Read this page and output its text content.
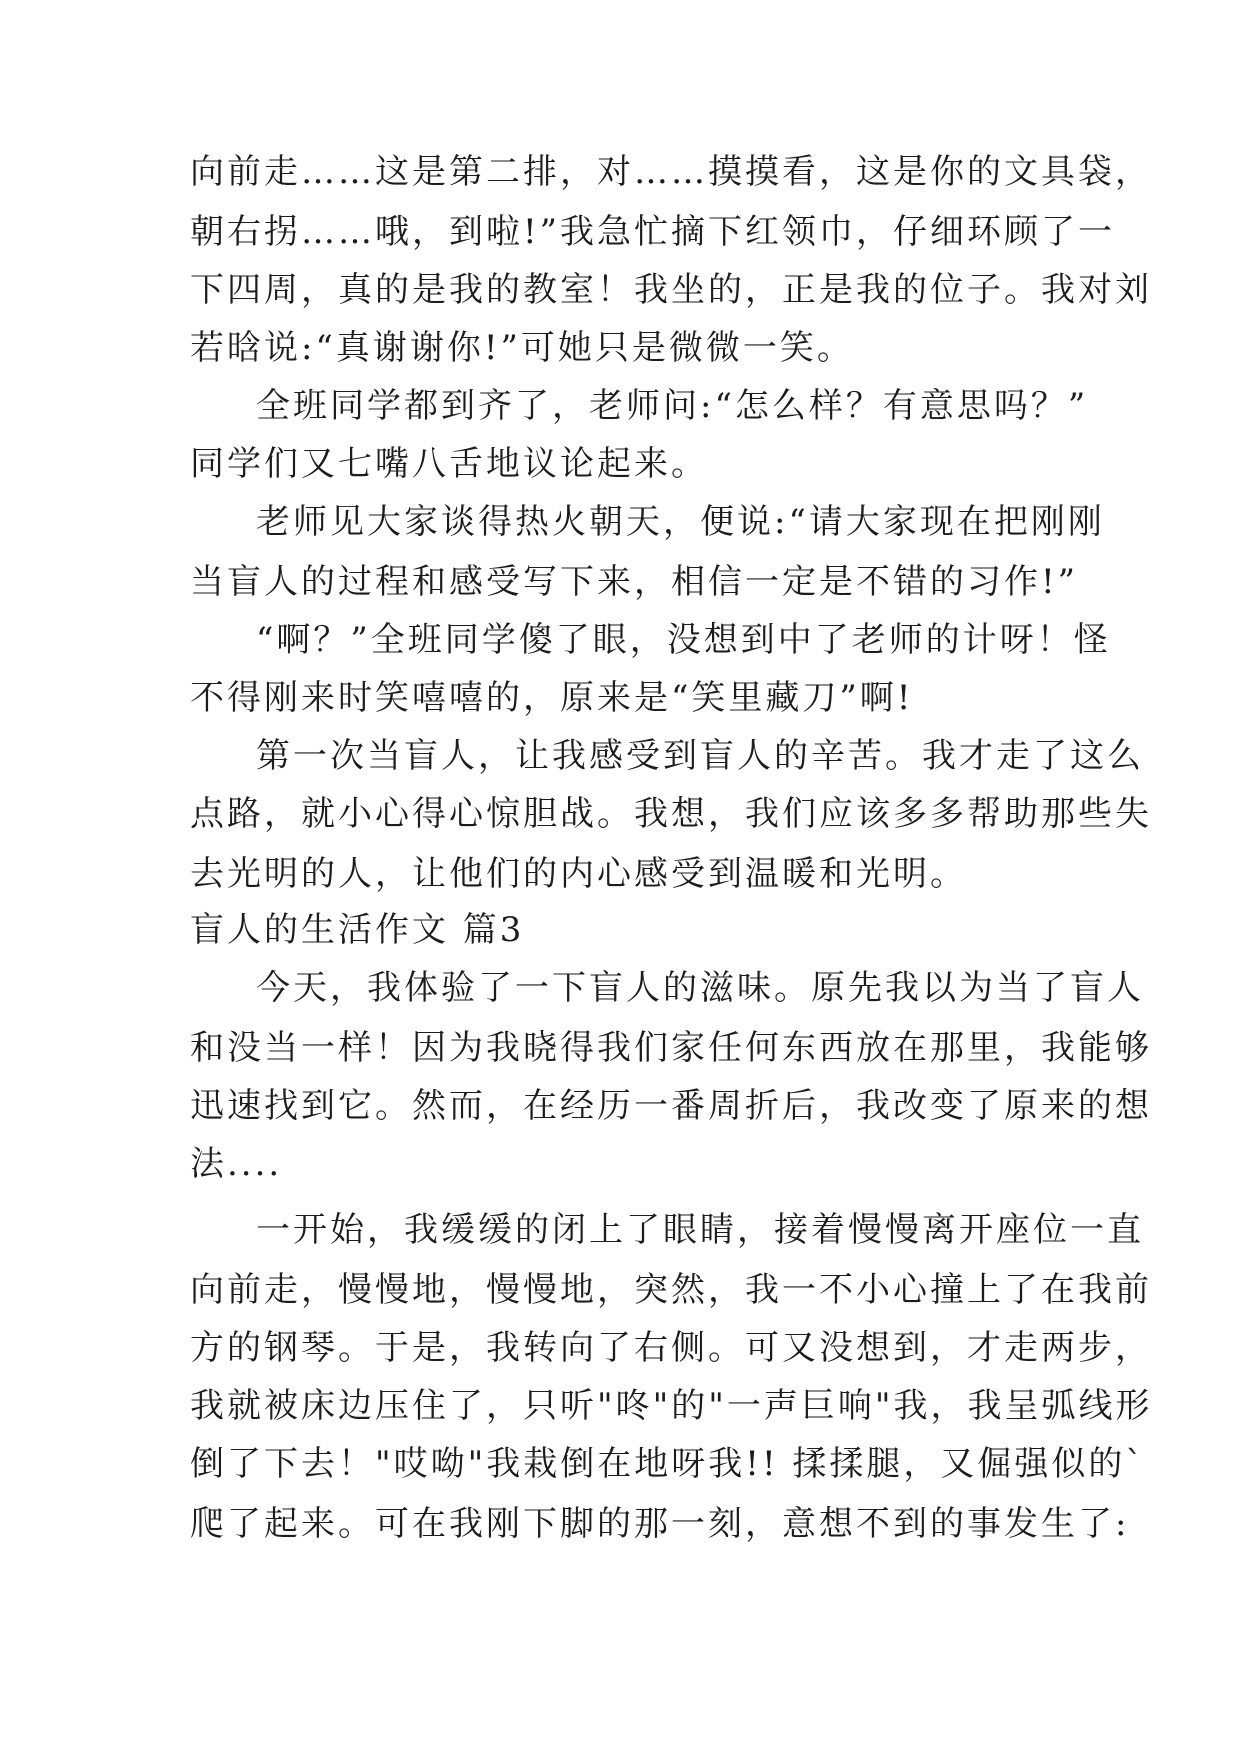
向前走……这是第二排，对……摸摸看，这是你的文具袋，
朝右拐……哦，到啦!”我急忙摘下红领巾，仔细环顾了一
下四周，真的是我的教室！我坐的，正是我的位子。我对刘
若晗说:“真谢谢你!”可她只是微微一笑。
全班同学都到齐了，老师问:“怎么样？有意思吗？”
同学们又七嘴八舌地议论起来。
老师见大家谈得热火朝天，便说:“请大家现在把刚刚
当盲人的过程和感受写下来，相信一定是不错的习作!”
“啊？”全班同学傻了眼，没想到中了老师的计呀！怪
不得刚来时笑嘻嘻的，原来是“笑里藏刀”啊!
第一次当盲人，让我感受到盲人的辛苦。我才走了这么
点路，就小心得心惊胆战。我想，我们应该多多帮助那些失
去光明的人，让他们的内心感受到温暖和光明。
盲人的生活作文 篇3
今天，我体验了一下盲人的滋味。原先我以为当了盲人
和没当一样！因为我晓得我们家任何东西放在那里，我能够
迅速找到它。然而，在经历一番周折后，我改变了原来的想
法....
一开始，我缓缓的闭上了眼睛，接着慢慢离开座位一直
向前走，慢慢地，慢慢地，突然，我一不小心撞上了在我前
方的钢琴。于是，我转向了右侧。可又没想到，才走两步，
我就被床边压住了，只听"咚"的"一声巨响"我，我呈弧线形
倒了下去！"哎呦"我栽倒在地呀我!! 揉揉腿，又倔强似的`
爬了起来。可在我刚下脚的那一刻，意想不到的事发生了:
